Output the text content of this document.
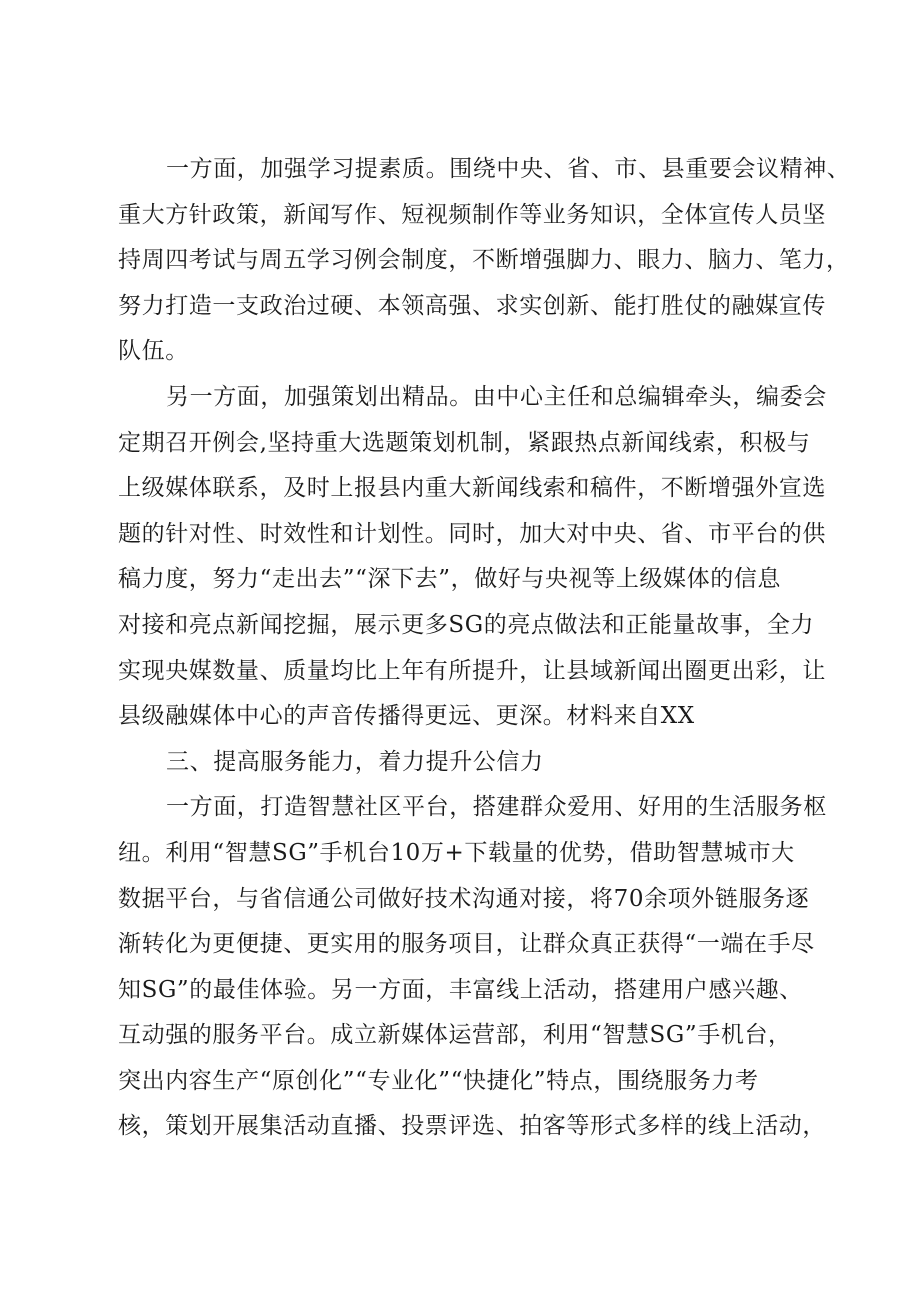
一方面，加强学习提素质。围绕中央、省、市、县重要会议精神、
重大方针政策，新闻写作、短视频制作等业务知识，全体宣传人员坚
持周四考试与周五学习例会制度，不断增强脚力、眼力、脑力、笔力，
努力打造一支政治过硬、本领高强、求实创新、能打胜仗的融媒宣传
队伍。
另一方面，加强策划出精品。由中心主任和总编辑牵头，编委会
定期召开例会,坚持重大选题策划机制，紧跟热点新闻线索，积极与
上级媒体联系，及时上报县内重大新闻线索和稿件，不断增强外宣选
题的针对性、时效性和计划性。同时，加大对中央、省、市平台的供
稿力度，努力“走出去”“深下去”，做好与央视等上级媒体的信息
对接和亮点新闻挖掘，展示更多SG的亮点做法和正能量故事，全力
实现央媒数量、质量均比上年有所提升，让县域新闻出圈更出彩，让
县级融媒体中心的声音传播得更远、更深。材料来自XX
三、提高服务能力，着力提升公信力
一方面，打造智慧社区平台，搭建群众爱用、好用的生活服务枢
纽。利用“智慧SG”手机台10万+下载量的优势，借助智慧城市大
数据平台，与省信通公司做好技术沟通对接，将70余项外链服务逐
渐转化为更便捷、更实用的服务项目，让群众真正获得“一端在手尽
知SG”的最佳体验。另一方面，丰富线上活动，搭建用户感兴趣、
互动强的服务平台。成立新媒体运营部，利用“智慧SG”手机台，
突出内容生产“原创化”“专业化”“快捷化”特点，围绕服务力考
核，策划开展集活动直播、投票评选、拍客等形式多样的线上活动，
